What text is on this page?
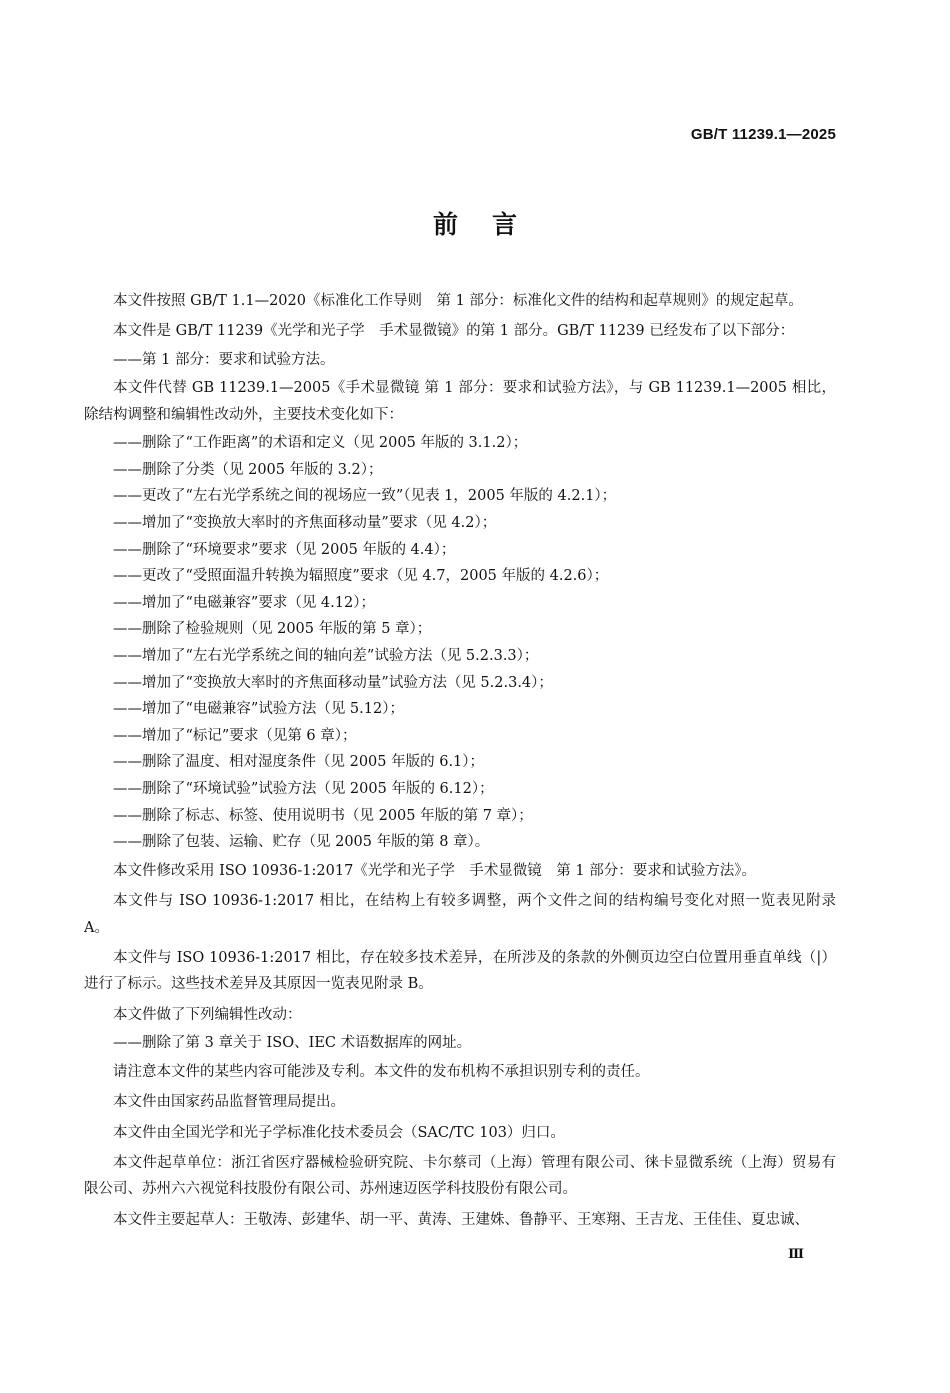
GB/T 11239.1—2025
前言

本文件按照 GB/T 1.1—2020《标准化工作导则　第 1 部分：标准化文件的结构和起草规则》的规定起草。

本文件是 GB/T 11239《光学和光子学　手术显微镜》的第 1 部分。GB/T 11239 已经发布了以下部分：

——第 1 部分：要求和试验方法。

本文件代替 GB 11239.1—2005《手术显微镜 第 1 部分：要求和试验方法》，与 GB 11239.1—2005 相比，除结构调整和编辑性改动外，主要技术变化如下：

——删除了“工作距离”的术语和定义（见 2005 年版的 3.1.2）；

——删除了分类（见 2005 年版的 3.2）；

——更改了“左右光学系统之间的视场应一致”（见表 1，2005 年版的 4.2.1）；

——增加了“变换放大率时的齐焦面移动量”要求（见 4.2）；

——删除了“环境要求”要求（见 2005 年版的 4.4）；

——更改了“受照面温升转换为辐照度”要求（见 4.7，2005 年版的 4.2.6）；

——增加了“电磁兼容”要求（见 4.12）；

——删除了检验规则（见 2005 年版的第 5 章）；

——增加了“左右光学系统之间的轴向差”试验方法（见 5.2.3.3）；

——增加了“变换放大率时的齐焦面移动量”试验方法（见 5.2.3.4）；

——增加了“电磁兼容”试验方法（见 5.12）；

——增加了“标记”要求（见第 6 章）；

——删除了温度、相对湿度条件（见 2005 年版的 6.1）；

——删除了“环境试验”试验方法（见 2005 年版的 6.12）；

——删除了标志、标签、使用说明书（见 2005 年版的第 7 章）；

——删除了包装、运输、贮存（见 2005 年版的第 8 章）。

本文件修改采用 ISO 10936-1:2017《光学和光子学　手术显微镜　第 1 部分：要求和试验方法》。

本文件与 ISO 10936-1:2017 相比，在结构上有较多调整，两个文件之间的结构编号变化对照一览表见附录 A。

本文件与 ISO 10936-1:2017 相比，存在较多技术差异，在所涉及的条款的外侧页边空白位置用垂直单线（|）进行了标示。这些技术差异及其原因一览表见附录 B。

本文件做了下列编辑性改动：

——删除了第 3 章关于 ISO、IEC 术语数据库的网址。

请注意本文件的某些内容可能涉及专利。本文件的发布机构不承担识别专利的责任。

本文件由国家药品监督管理局提出。

本文件由全国光学和光子学标准化技术委员会（SAC/TC 103）归口。

本文件起草单位：浙江省医疗器械检验研究院、卡尔蔡司（上海）管理有限公司、徕卡显微系统（上海）贸易有限公司、苏州六六视觉科技股份有限公司、苏州速迈医学科技股份有限公司。

本文件主要起草人：王敬涛、彭建华、胡一平、黄涛、王建姝、鲁静平、王寒翔、王吉龙、王佳佳、夏忠诚、

Ⅲ
